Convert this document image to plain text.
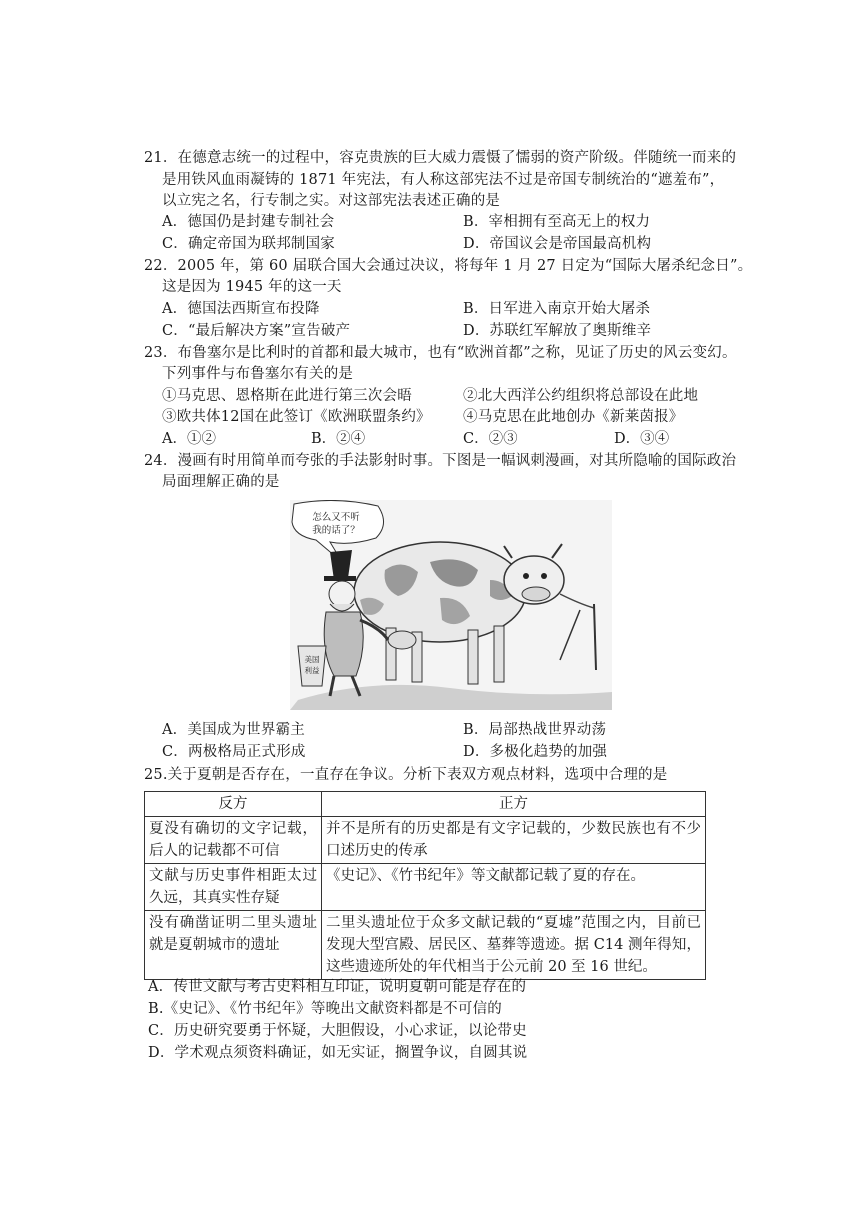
21．在德意志统一的过程中，容克贵族的巨大威力震慑了懦弱的资产阶级。伴随统一而来的
是用铁风血雨凝铸的 1871 年宪法，有人称这部宪法不过是帝国专制统治的“遮羞布”，
以立宪之名，行专制之实。对这部宪法表述正确的是
A．德国仍是封建专制社会	B．宰相拥有至高无上的权力
C．确定帝国为联邦制国家	D．帝国议会是帝国最高机构
22．2005 年，第 60 届联合国大会通过决议，将每年 1 月 27 日定为“国际大屠杀纪念日”。
这是因为 1945 年的这一天
A．德国法西斯宣布投降	B．日军进入南京开始大屠杀
C．“最后解决方案”宣告破产	D．苏联红军解放了奥斯维辛
23．布鲁塞尔是比利时的首都和最大城市，也有“欧洲首都”之称，见证了历史的风云变幻。
下列事件与布鲁塞尔有关的是
①马克思、恩格斯在此进行第三次会晤	②北大西洋公约组织将总部设在此地
③欧共体12国在此签订《欧洲联盟条约》 ④马克思在此地创办《新莱茵报》
A．①②	B．②④	C．②③	D．③④
24．漫画有时用简单而夸张的手法影射时事。下图是一幅讽刺漫画，对其所隐喻的国际政治
局面理解正确的是
怎么又不听
我的话了？
美国
利益
A．美国成为世界霸主	B．局部热战世界动荡
C．两极格局正式形成	D．多极化趋势的加强
25.关于夏朝是否存在，一直存在争议。分析下表双方观点材料，选项中合理的是
反方	正方
夏没有确切的文字记载，后人的记载都不可信	并不是所有的历史都是有文字记载的，少数民族也有不少口述历史的传承
文献与历史事件相距太过久远，其真实性存疑	《史记》、《竹书纪年》等文献都记载了夏的存在。
没有确凿证明二里头遗址就是夏朝城市的遗址	二里头遗址位于众多文献记载的“夏墟”范围之内，目前已发现大型宫殿、居民区、墓葬等遗迹。据 C14 测年得知，这些遗迹所处的年代相当于公元前 20 至 16 世纪。
A．传世文献与考古史料相互印证，说明夏朝可能是存在的
B.《史记》、《竹书纪年》等晚出文献资料都是不可信的
C．历史研究要勇于怀疑，大胆假设，小心求证，以论带史
D．学术观点须资料确证，如无实证，搁置争议，自圆其说
